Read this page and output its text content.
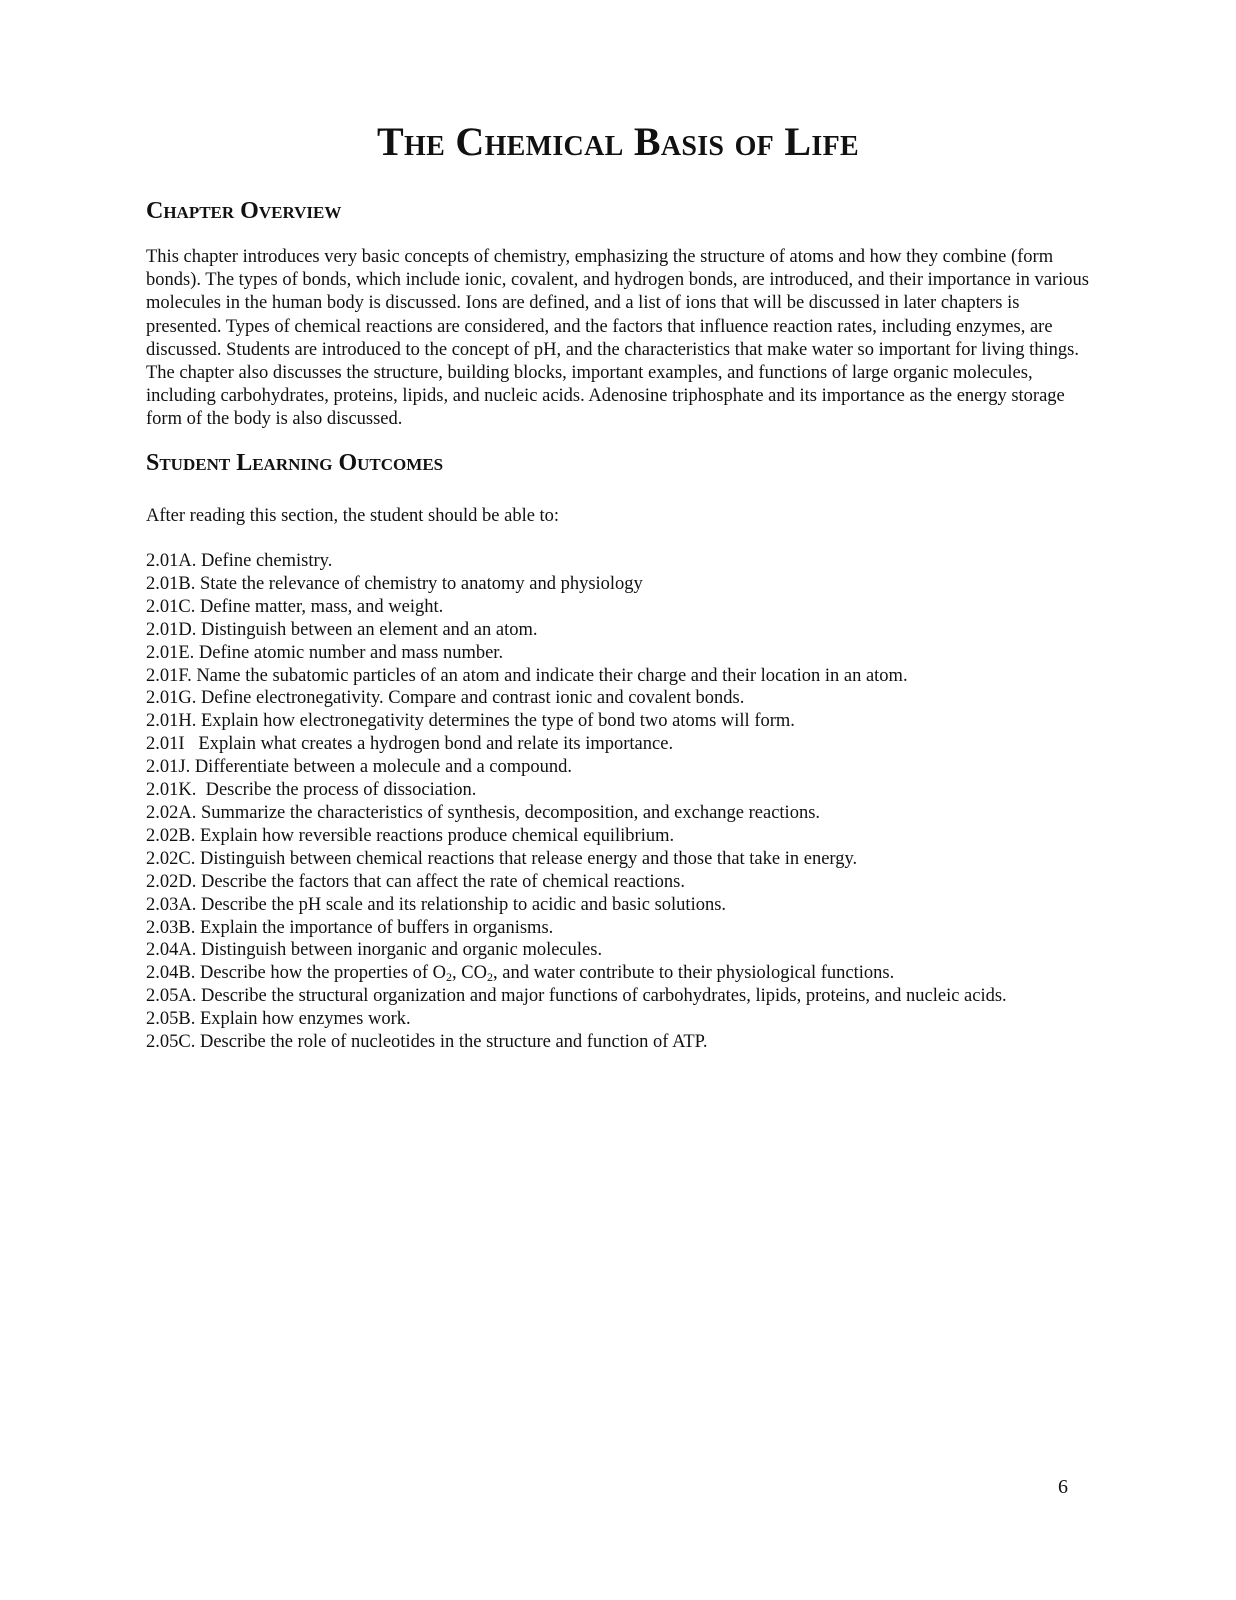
The Chemical Basis of Life
Chapter Overview

This chapter introduces very basic concepts of chemistry, emphasizing the structure of atoms and how they combine (form bonds). The types of bonds, which include ionic, covalent, and hydrogen bonds, are introduced, and their importance in various molecules in the human body is discussed. Ions are defined, and a list of ions that will be discussed in later chapters is presented. Types of chemical reactions are considered, and the factors that influence reaction rates, including enzymes, are discussed. Students are introduced to the concept of pH, and the characteristics that make water so important for living things. The chapter also discusses the structure, building blocks, important examples, and functions of large organic molecules, including carbohydrates, proteins, lipids, and nucleic acids. Adenosine triphosphate and its importance as the energy storage form of the body is also discussed.

Student Learning Outcomes

After reading this section, the student should be able to:

2.01A. Define chemistry.
2.01B. State the relevance of chemistry to anatomy and physiology
2.01C. Define matter, mass, and weight.
2.01D. Distinguish between an element and an atom.
2.01E. Define atomic number and mass number.
2.01F. Name the subatomic particles of an atom and indicate their charge and their location in an atom.
2.01G. Define electronegativity. Compare and contrast ionic and covalent bonds.
2.01H. Explain how electronegativity determines the type of bond two atoms will form.
2.01I   Explain what creates a hydrogen bond and relate its importance.
2.01J. Differentiate between a molecule and a compound.
2.01K.  Describe the process of dissociation.
2.02A. Summarize the characteristics of synthesis, decomposition, and exchange reactions.
2.02B. Explain how reversible reactions produce chemical equilibrium.
2.02C. Distinguish between chemical reactions that release energy and those that take in energy.
2.02D. Describe the factors that can affect the rate of chemical reactions.
2.03A. Describe the pH scale and its relationship to acidic and basic solutions.
2.03B. Explain the importance of buffers in organisms.
2.04A. Distinguish between inorganic and organic molecules.
2.04B. Describe how the properties of $O_2$, $CO_2$, and water contribute to their physiological functions.
2.05A. Describe the structural organization and major functions of carbohydrates, lipids, proteins, and nucleic acids.
2.05B. Explain how enzymes work.
2.05C. Describe the role of nucleotides in the structure and function of ATP.
6
